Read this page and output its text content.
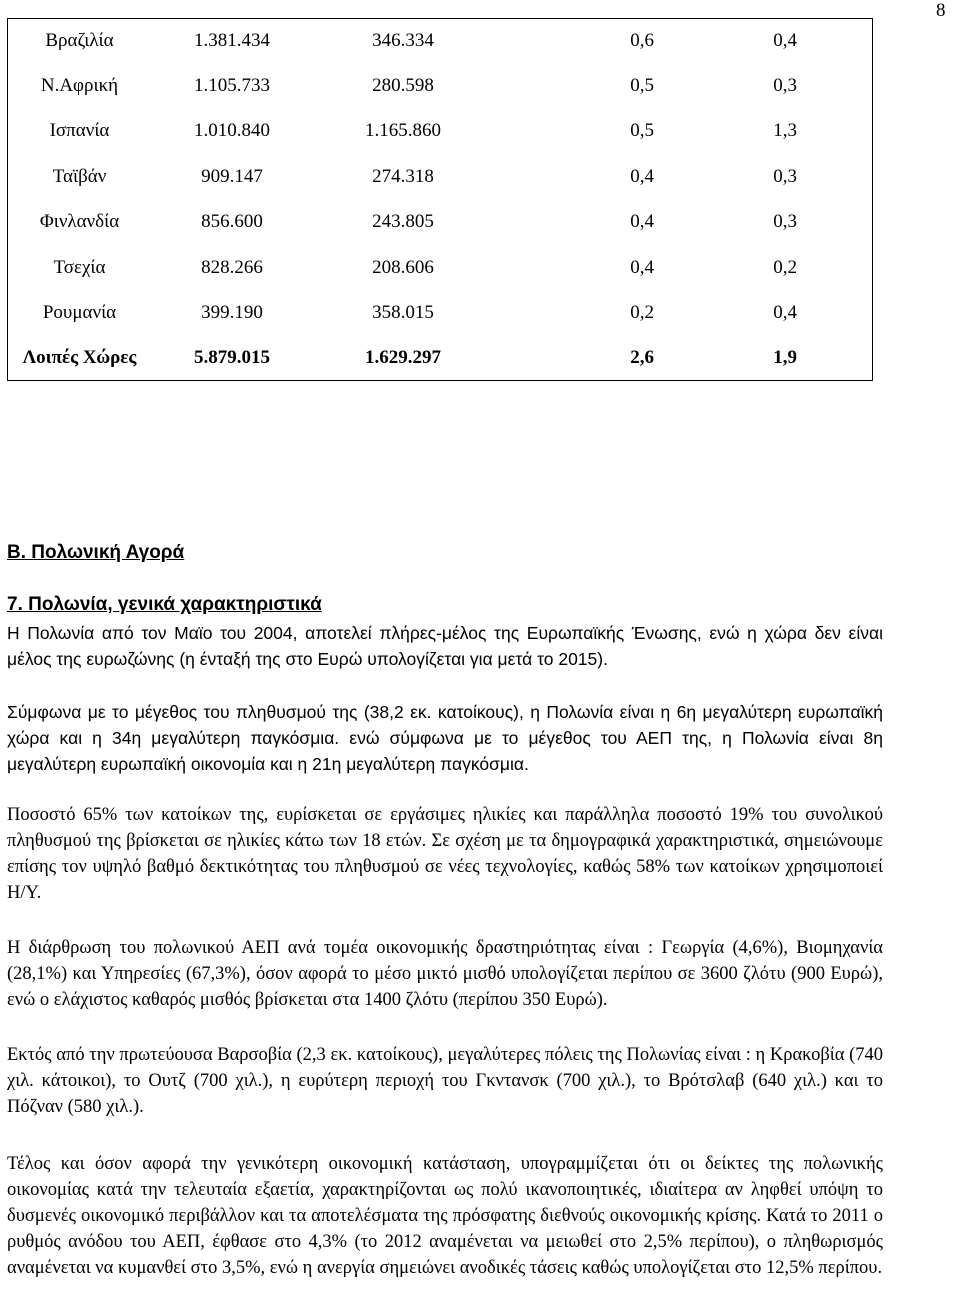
8
Βραζιλία	1.381.434	346.334	0,6	0,4
Ν.Αφρική	1.105.733	280.598	0,5	0,3
Ισπανία	1.010.840	1.165.860	0,5	1,3
Ταϊβάν	909.147	274.318	0,4	0,3
Φινλανδία	856.600	243.805	0,4	0,3
Τσεχία	828.266	208.606	0,4	0,2
Ρουμανία	399.190	358.015	0,2	0,4
Λοιπές Χώρες	5.879.015	1.629.297	2,6	1,9
Β. Πολωνική Αγορά
7. Πολωνία, γενικά χαρακτηριστικά

Η Πολωνία από τον Μαϊο του 2004, αποτελεί πλήρες-μέλος της Ευρωπαϊκής Ένωσης, ενώ η χώρα δεν είναι μέλος της ευρωζώνης (η ένταξή της στο Ευρώ υπολογίζεται για μετά το 2015).

Σύμφωνα με το μέγεθος του πληθυσμού της (38,2 εκ. κατοίκους), η Πολωνία είναι η 6η μεγαλύτερη ευρωπαϊκή χώρα και η 34η μεγαλύτερη παγκόσμια. ενώ σύμφωνα με το μέγεθος του ΑΕΠ της, η Πολωνία είναι 8η μεγαλύτερη ευρωπαϊκή οικονομία και η 21η μεγαλύτερη παγκόσμια.

Ποσοστό 65% των κατοίκων της, ευρίσκεται σε εργάσιμες ηλικίες και παράλληλα ποσοστό 19% του συνολικού πληθυσμού της βρίσκεται σε ηλικίες κάτω των 18 ετών. Σε σχέση με τα δημογραφικά χαρακτηριστικά, σημειώνουμε επίσης τον υψηλό βαθμό δεκτικότητας του πληθυσμού σε νέες τεχνολογίες, καθώς 58% των κατοίκων χρησιμοποιεί Η/Υ.

Η διάρθρωση του πολωνικού ΑΕΠ ανά τομέα οικονομικής δραστηριότητας είναι : Γεωργία (4,6%), Βιομηχανία (28,1%) και Υπηρεσίες (67,3%), όσον αφορά το μέσο μικτό μισθό υπολογίζεται περίπου σε 3600 ζλότυ (900 Ευρώ), ενώ ο ελάχιστος καθαρός μισθός βρίσκεται στα 1400 ζλότυ (περίπου 350 Ευρώ).

Εκτός από την πρωτεύουσα Βαρσοβία (2,3 εκ. κατοίκους), μεγαλύτερες πόλεις της Πολωνίας είναι : η Κρακοβία (740 χιλ. κάτοικοι), το Ουτζ (700 χιλ.), η ευρύτερη περιοχή του Γκντανσκ (700 χιλ.), το Βρότσλαβ (640 χιλ.) και το Πόζναν (580 χιλ.).

Τέλος και όσον αφορά την γενικότερη οικονομική κατάσταση, υπογραμμίζεται ότι οι δείκτες της πολωνικής οικονομίας κατά την τελευταία εξαετία, χαρακτηρίζονται ως πολύ ικανοποιητικές, ιδιαίτερα αν ληφθεί υπόψη το δυσμενές οικονομικό περιβάλλον και τα αποτελέσματα της πρόσφατης διεθνούς οικονομικής κρίσης. Κατά το 2011 ο ρυθμός ανόδου του ΑΕΠ, έφθασε στο 4,3% (το 2012 αναμένεται να μειωθεί στο 2,5% περίπου), ο πληθωρισμός αναμένεται να κυμανθεί στο 3,5%, ενώ η ανεργία σημειώνει ανοδικές τάσεις καθώς υπολογίζεται στο 12,5% περίπου.
